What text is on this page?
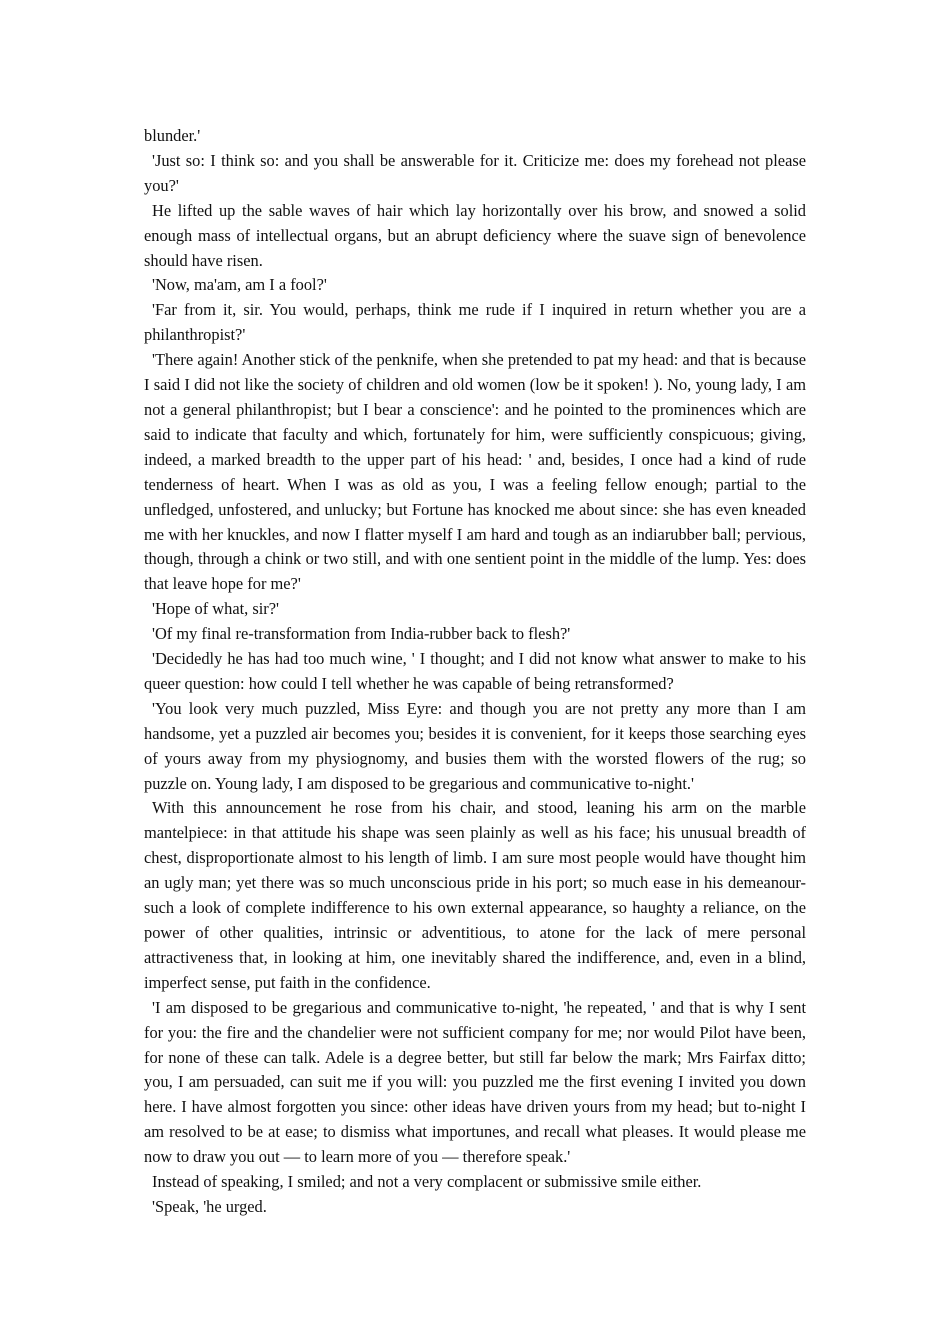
blunder.'

'Just so: I think so: and you shall be answerable for it. Criticize me: does my forehead not please you?'

He lifted up the sable waves of hair which lay horizontally over his brow, and snowed a solid enough mass of intellectual organs, but an abrupt deficiency where the suave sign of benevolence should have risen.

'Now, ma'am, am I a fool?'

'Far from it, sir. You would, perhaps, think me rude if I inquired in return whether you are a philanthropist?'

'There again! Another stick of the penknife, when she pretended to pat my head: and that is because I said I did not like the society of children and old women (low be it spoken! ). No, young lady, I am not a general philanthropist; but I bear a conscience': and he pointed to the prominences which are said to indicate that faculty and which, fortunately for him, were sufficiently conspicuous; giving, indeed, a marked breadth to the upper part of his head: ' and, besides, I once had a kind of rude tenderness of heart. When I was as old as you, I was a feeling fellow enough; partial to the unfledged, unfostered, and unlucky; but Fortune has knocked me about since: she has even kneaded me with her knuckles, and now I flatter myself I am hard and tough as an indiarubber ball; pervious, though, through a chink or two still, and with one sentient point in the middle of the lump. Yes: does that leave hope for me?'

'Hope of what, sir?'

'Of my final re-transformation from India-rubber back to flesh?'

'Decidedly he has had too much wine, ' I thought; and I did not know what answer to make to his queer question: how could I tell whether he was capable of being retransformed?

'You look very much puzzled, Miss Eyre: and though you are not pretty any more than I am handsome, yet a puzzled air becomes you; besides it is convenient, for it keeps those searching eyes of yours away from my physiognomy, and busies them with the worsted flowers of the rug; so puzzle on. Young lady, I am disposed to be gregarious and communicative to-night.'

With this announcement he rose from his chair, and stood, leaning his arm on the marble mantelpiece: in that attitude his shape was seen plainly as well as his face; his unusual breadth of chest, disproportionate almost to his length of limb. I am sure most people would have thought him an ugly man; yet there was so much unconscious pride in his port; so much ease in his demeanour-such a look of complete indifference to his own external appearance, so haughty a reliance, on the power of other qualities, intrinsic or adventitious, to atone for the lack of mere personal attractiveness that, in looking at him, one inevitably shared the indifference, and, even in a blind, imperfect sense, put faith in the confidence.

'I am disposed to be gregarious and communicative to-night, 'he repeated, ' and that is why I sent for you: the fire and the chandelier were not sufficient company for me; nor would Pilot have been, for none of these can talk. Adele is a degree better, but still far below the mark; Mrs Fairfax ditto; you, I am persuaded, can suit me if you will: you puzzled me the first evening I invited you down here. I have almost forgotten you since: other ideas have driven yours from my head; but to-night I am resolved to be at ease; to dismiss what importunes, and recall what pleases. It would please me now to draw you out — to learn more of you — therefore speak.'

Instead of speaking, I smiled; and not a very complacent or submissive smile either.

'Speak, 'he urged.
